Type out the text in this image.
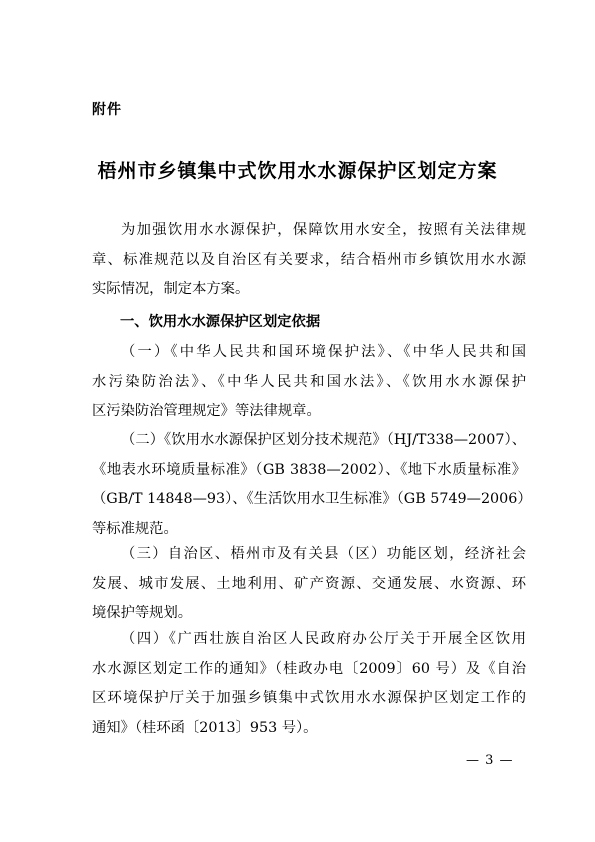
附件
梧州市乡镇集中式饮用水水源保护区划定方案
为加强饮用水水源保护，保障饮用水安全，按照有关法律规
章、标准规范以及自治区有关要求，结合梧州市乡镇饮用水水源
实际情况，制定本方案。
一、饮用水水源保护区划定依据
（一）《中华人民共和国环境保护法》、《中华人民共和国
水污染防治法》、《中华人民共和国水法》、《饮用水水源保护
区污染防治管理规定》等法律规章。
（二）《饮用水水源保护区划分技术规范》（HJ/T338—2007）、
《地表水环境质量标准》（GB 3838—2002）、《地下水质量标准》
（GB/T 14848—93）、《生活饮用水卫生标准》（GB 5749—2006）
等标准规范。
（三）自治区、梧州市及有关县（区）功能区划，经济社会
发展、城市发展、土地利用、矿产资源、交通发展、水资源、环
境保护等规划。
（四）《广西壮族自治区人民政府办公厅关于开展全区饮用
水水源区划定工作的通知》（桂政办电〔2009〕60 号）及《自治
区环境保护厅关于加强乡镇集中式饮用水水源保护区划定工作的
通知》（桂环函〔2013〕953 号）。
— 3 —
